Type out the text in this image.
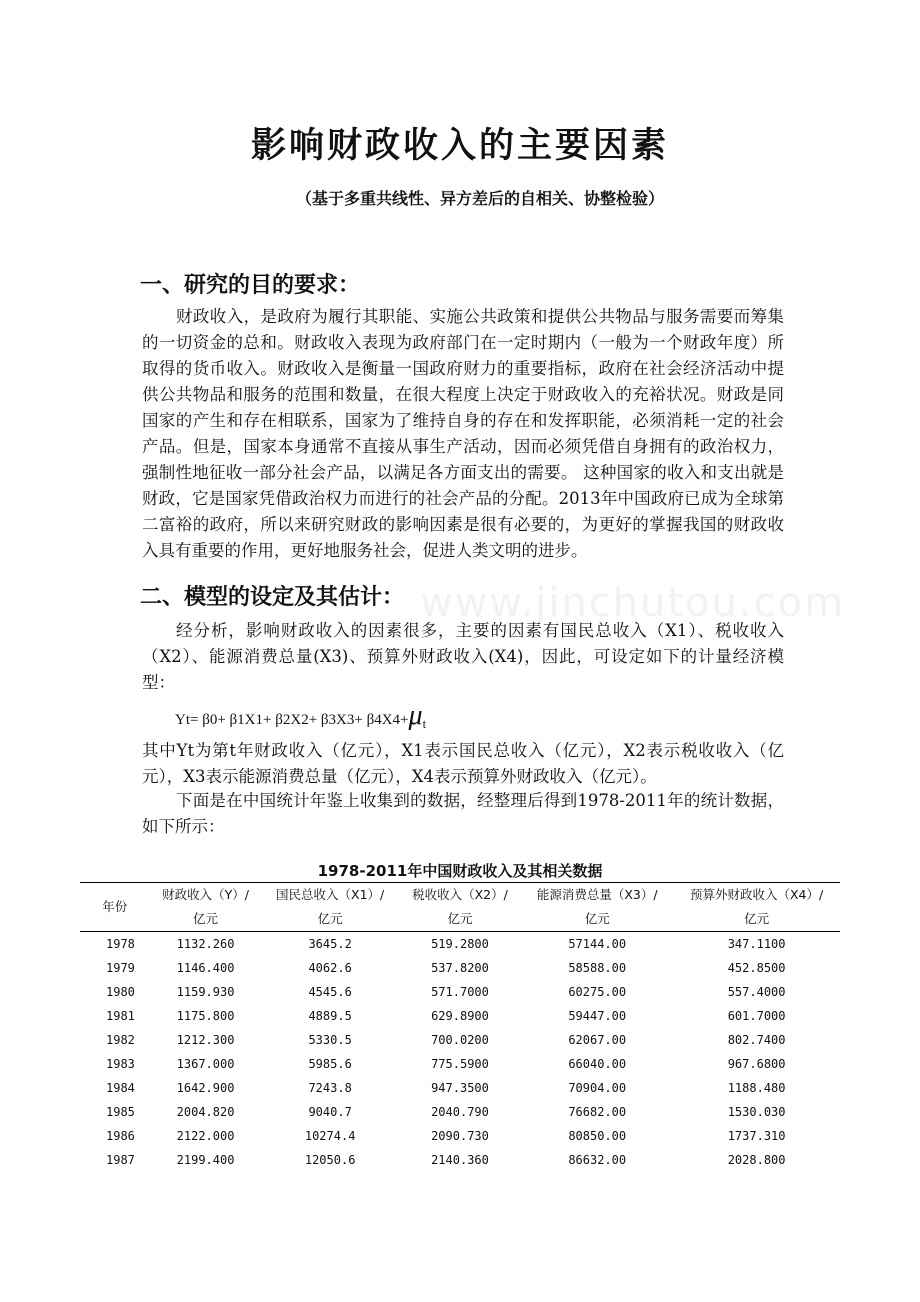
影响财政收入的主要因素
（基于多重共线性、异方差后的自相关、协整检验）
一、研究的目的要求：
财政收入，是政府为履行其职能、实施公共政策和提供公共物品与服务需要而筹集的一切资金的总和。财政收入表现为政府部门在一定时期内（一般为一个财政年度）所取得的货币收入。财政收入是衡量一国政府财力的重要指标，政府在社会经济活动中提供公共物品和服务的范围和数量，在很大程度上决定于财政收入的充裕状况。财政是同国家的产生和存在相联系，国家为了维持自身的存在和发挥职能，必须消耗一定的社会产品。但是，国家本身通常不直接从事生产活动，因而必须凭借自身拥有的政治权力，强制性地征收一部分社会产品，以满足各方面支出的需要。 这种国家的收入和支出就是财政，它是国家凭借政治权力而进行的社会产品的分配。2013年中国政府已成为全球第二富裕的政府，所以来研究财政的影响因素是很有必要的，为更好的掌握我国的财政收入具有重要的作用，更好地服务社会，促进人类文明的进步。
二、模型的设定及其估计： www.jinchutou.com
经分析，影响财政收入的因素很多，主要的因素有国民总收入（X1）、税收收入（X2）、能源消费总量(X3)、预算外财政收入(X4)，因此，可设定如下的计量经济模型：
$Yt= \beta 0+ \beta 1X1+ \beta 2X2+ \beta 3X3+ \beta 4X4+\mu_t$
其中Yt为第t年财政收入（亿元），X1表示国民总收入（亿元），X2表示税收收入（亿元），X3表示能源消费总量（亿元），X4表示预算外财政收入（亿元）。
下面是在中国统计年鉴上收集到的数据，经整理后得到1978-2011年的统计数据，如下所示：
1978-2011年中国财政收入及其相关数据
年份	财政收入（Y）/	国民总收入（X1）/	税收收入（X2）/	能源消费总量（X3）/	预算外财政收入（X4）/
	亿元	亿元	亿元	亿元	亿元
1978	1132.260	3645.2	519.2800	57144.00	347.1100
1979	1146.400	4062.6	537.8200	58588.00	452.8500
1980	1159.930	4545.6	571.7000	60275.00	557.4000
1981	1175.800	4889.5	629.8900	59447.00	601.7000
1982	1212.300	5330.5	700.0200	62067.00	802.7400
1983	1367.000	5985.6	775.5900	66040.00	967.6800
1984	1642.900	7243.8	947.3500	70904.00	1188.480
1985	2004.820	9040.7	2040.790	76682.00	1530.030
1986	2122.000	10274.4	2090.730	80850.00	1737.310
1987	2199.400	12050.6	2140.360	86632.00	2028.800
